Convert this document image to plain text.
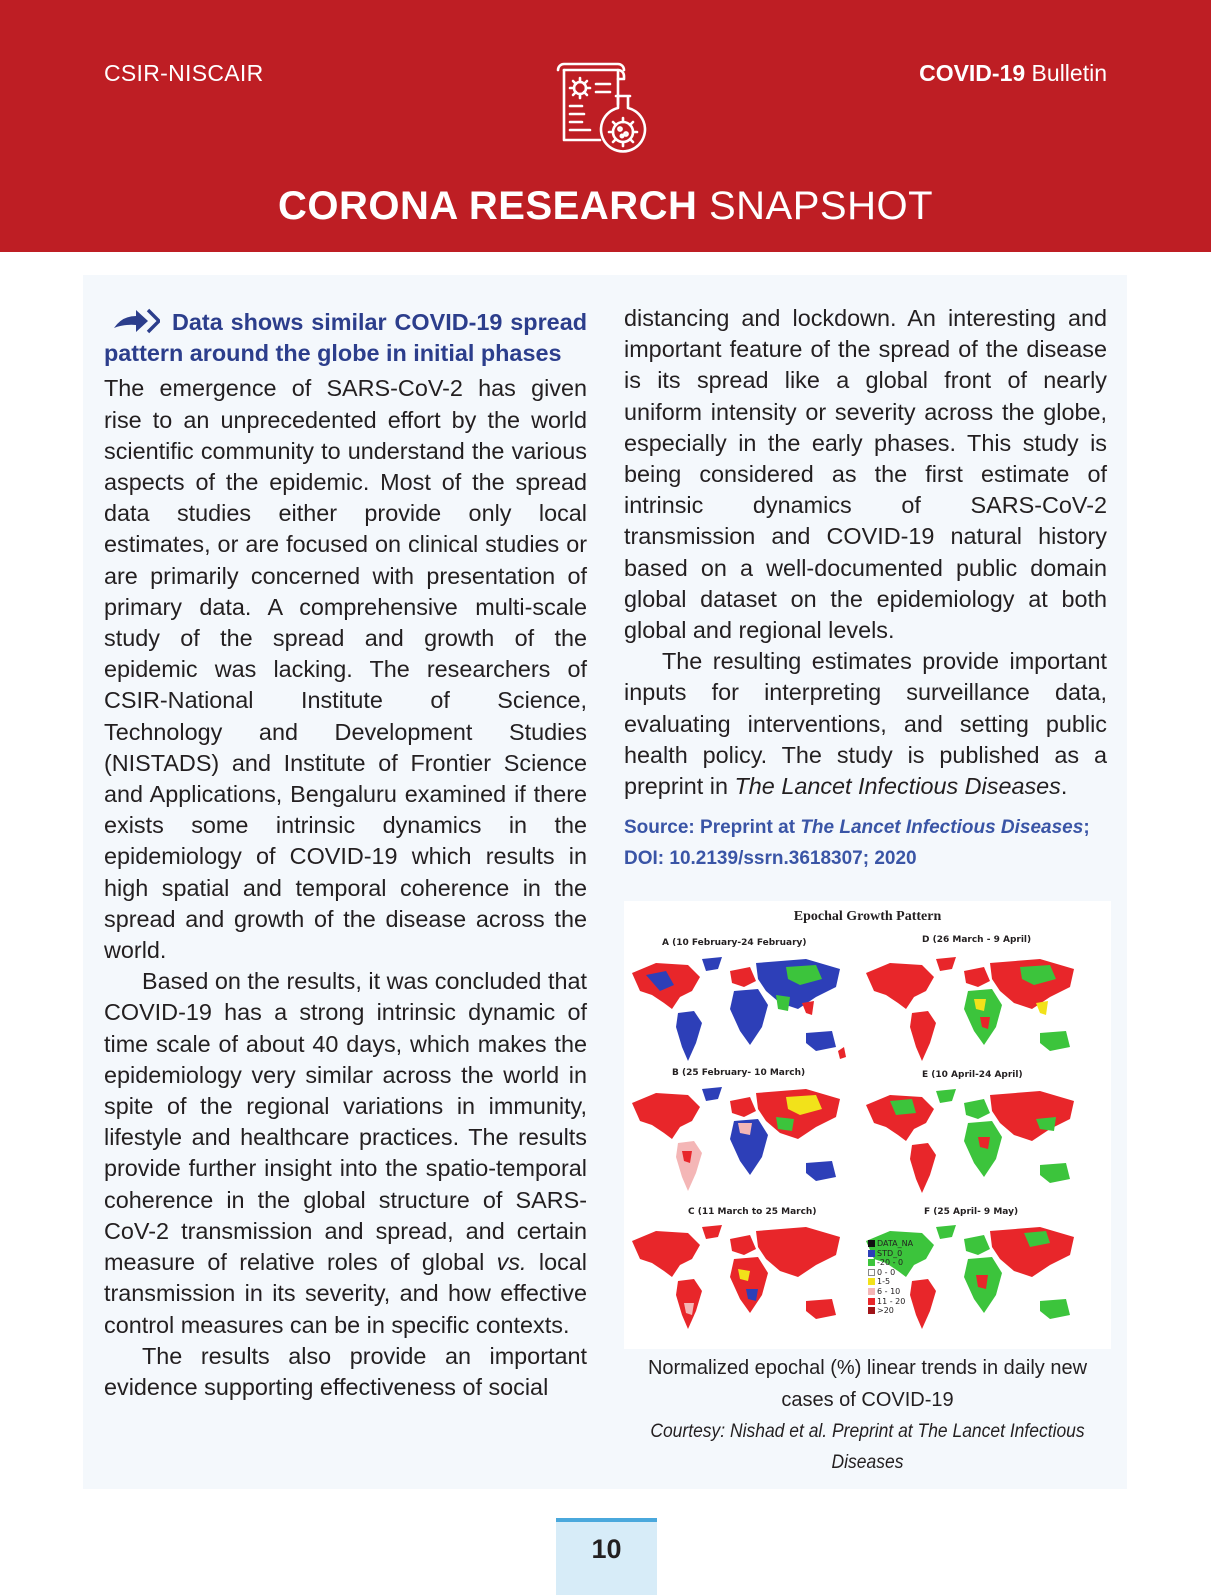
CSIR-NISCAIR	COVID-19 Bulletin
CORONA RESEARCH SNAPSHOT
Data shows similar COVID-19 spread pattern around the globe in initial phases

The emergence of SARS-CoV-2 has given rise to an unprecedented effort by the world scientific community to understand the various aspects of the epidemic. Most of the spread data studies either provide only local estimates, or are focused on clinical studies or are primarily concerned with presentation of primary data. A comprehensive multi-scale study of the spread and growth of the epidemic was lacking. The researchers of CSIR-National Institute of Science, Technology and Development Studies (NISTADS) and Institute of Frontier Science and Applications, Bengaluru examined if there exists some intrinsic dynamics in the epidemiology of COVID-19 which results in high spatial and temporal coherence in the spread and growth of the disease across the world.

Based on the results, it was concluded that COVID-19 has a strong intrinsic dynamic of time scale of about 40 days, which makes the epidemiology very similar across the world in spite of the regional variations in immunity, lifestyle and healthcare practices. The results provide further insight into the spatio-temporal coherence in the global structure of SARS-CoV-2 transmission and spread, and certain measure of relative roles of global vs. local transmission in its severity, and how effective control measures can be in specific contexts.

The results also provide an important evidence supporting effectiveness of social

distancing and lockdown. An interesting and important feature of the spread of the disease is its spread like a global front of nearly uniform intensity or severity across the globe, especially in the early phases. This study is being considered as the first estimate of intrinsic dynamics of SARS-CoV-2 transmission and COVID-19 natural history based on a well-documented public domain global dataset on the epidemiology at both global and regional levels.

The resulting estimates provide important inputs for interpreting surveillance data, evaluating interventions, and setting public health policy. The study is published as a preprint in The Lancet Infectious Diseases.

Source: Preprint at The Lancet Infectious Diseases; DOI: 10.2139/ssrn.3618307; 2020
Epochal Growth Pattern
A (10 February-24 February)	D (26 March - 9 April)
B (25 February- 10 March)	E (10 April-24 April)
C (11 March to 25 March)	F (25 April- 9 May)
DATA_NA
STD_0
-20 - 0
0 - 0
1-5
6 - 10
11 - 20
>20
Normalized epochal (%) linear trends in daily new cases of COVID-19
Courtesy: Nishad et al. Preprint at The Lancet Infectious Diseases
10
